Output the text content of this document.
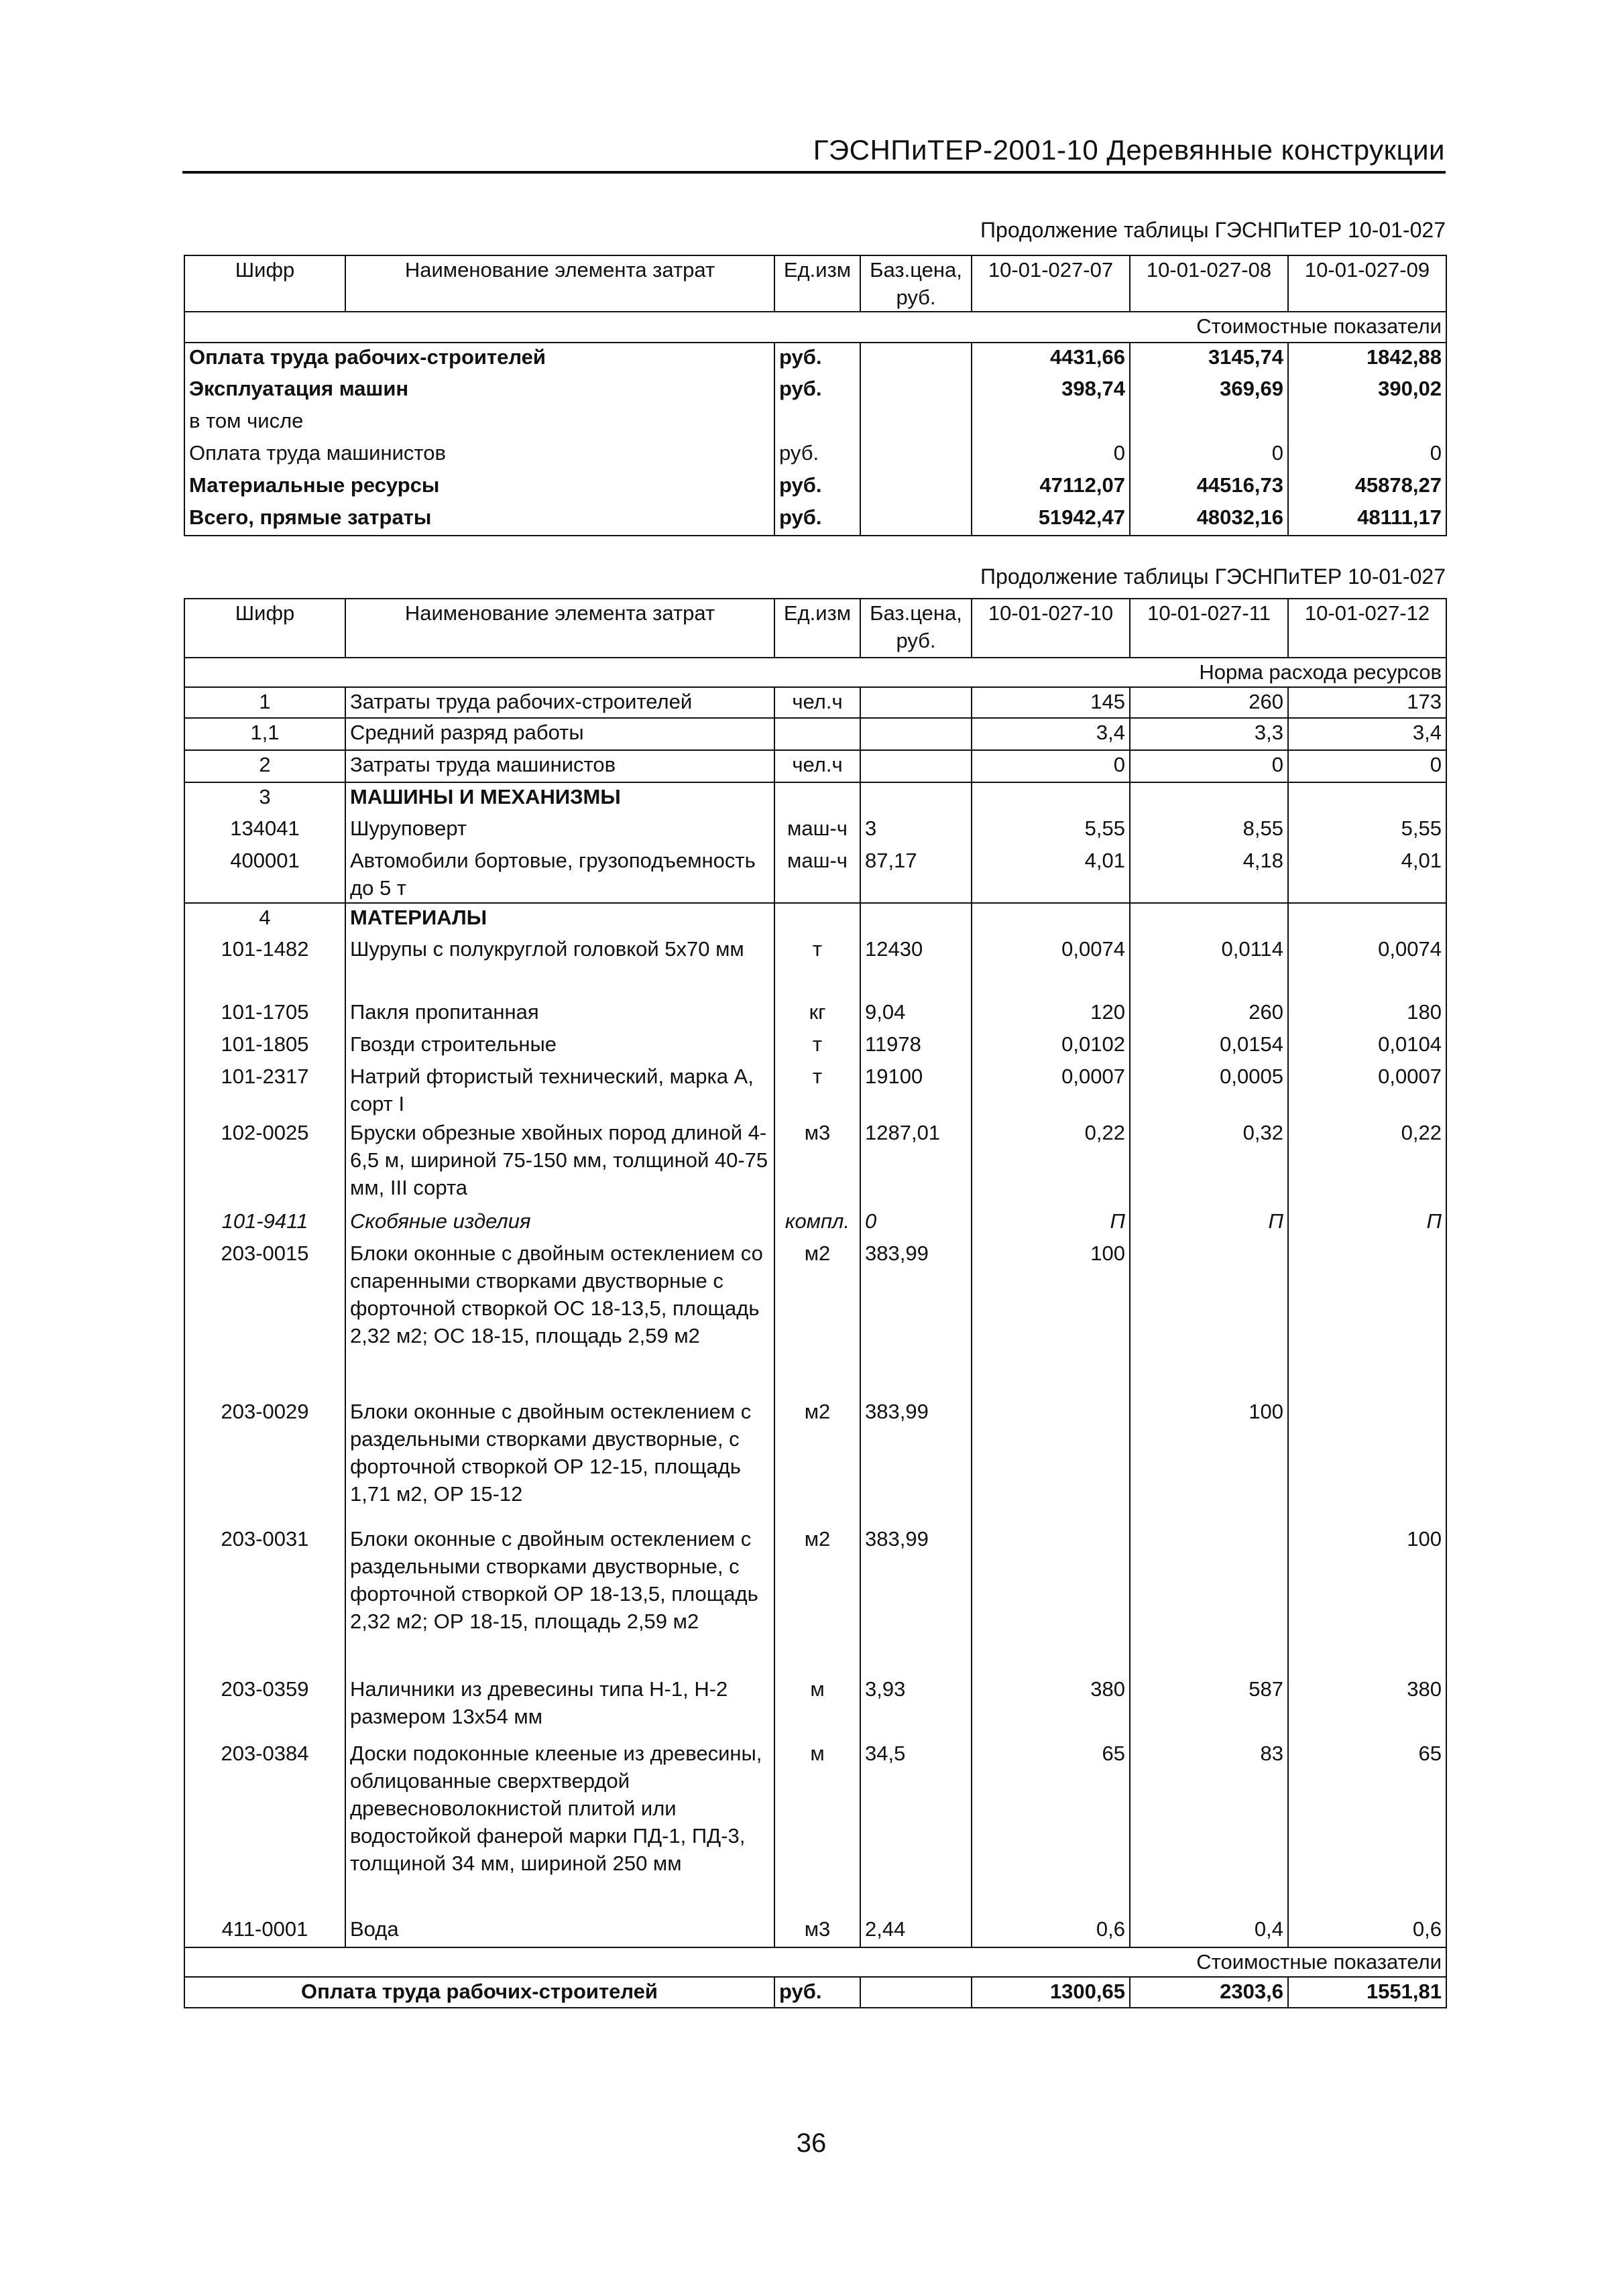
ГЭСНПиТЕР-2001-10 Деревянные конструкции
Продолжение таблицы ГЭСНПиТЕР 10-01-027
Шифр	Наименование элемента затрат	Ед.изм	Баз.цена, руб.	10-01-027-07	10-01-027-08	10-01-027-09
Стоимостные показатели						
Оплата труда рабочих-строителей		руб.		4431,66	3145,74	1842,88
Эксплуатация машин		руб.		398,74	369,69	390,02
в том числе						
Оплата труда машинистов		руб.		0	0	0
Материальные ресурсы		руб.		47112,07	44516,73	45878,27
Всего, прямые затраты		руб.		51942,47	48032,16	48111,17
Продолжение таблицы ГЭСНПиТЕР 10-01-027
Шифр	Наименование элемента затрат	Ед.изм	Баз.цена, руб.	10-01-027-10	10-01-027-11	10-01-027-12
Норма расхода ресурсов						
1	Затраты труда рабочих-строителей	чел.ч		145	260	173
1,1	Средний разряд работы			3,4	3,3	3,4
2	Затраты труда машинистов	чел.ч		0	0	0
3	МАШИНЫ И МЕХАНИЗМЫ					
134041	Шуруповерт	маш-ч	3	5,55	8,55	5,55
400001	Автомобили бортовые, грузоподъемность до 5 т	маш-ч	87,17	4,01	4,18	4,01
4	МАТЕРИАЛЫ					
101-1482	Шурупы с полукруглой головкой 5х70 мм	т	12430	0,0074	0,0114	0,0074
101-1705	Пакля пропитанная	кг	9,04	120	260	180
101-1805	Гвозди строительные	т	11978	0,0102	0,0154	0,0104
101-2317	Натрий фтористый технический, марка А, сорт I	т	19100	0,0007	0,0005	0,0007
102-0025	Бруски обрезные хвойных пород длиной 4-6,5 м, шириной 75-150 мм, толщиной 40-75 мм, III сорта	м3	1287,01	0,22	0,32	0,22
101-9411	Скобяные изделия	компл.	0	П	П	П
203-0015	Блоки оконные с двойным остеклением со спаренными створками двустворные с форточной створкой ОС 18-13,5, площадь 2,32 м2; ОС 18-15, площадь 2,59 м2	м2	383,99	100		
203-0029	Блоки оконные с двойным остеклением с раздельными створками двустворные, с форточной створкой ОР 12-15, площадь 1,71 м2, ОР 15-12	м2	383,99		100	
203-0031	Блоки оконные с двойным остеклением с раздельными створками двустворные, с форточной створкой ОР 18-13,5, площадь 2,32 м2; ОР 18-15, площадь 2,59 м2	м2	383,99			100
203-0359	Наличники из древесины типа Н-1, Н-2 размером 13х54 мм	м	3,93	380	587	380
203-0384	Доски подоконные клееные из древесины, облицованные сверхтвердой древесноволокнистой плитой или водостойкой фанерой марки ПД-1, ПД-3, толщиной 34 мм, шириной 250 мм	м	34,5	65	83	65
411-0001	Вода	м3	2,44	0,6	0,4	0,6
Стоимостные показатели						
Оплата труда рабочих-строителей		руб.		1300,65	2303,6	1551,81
36
